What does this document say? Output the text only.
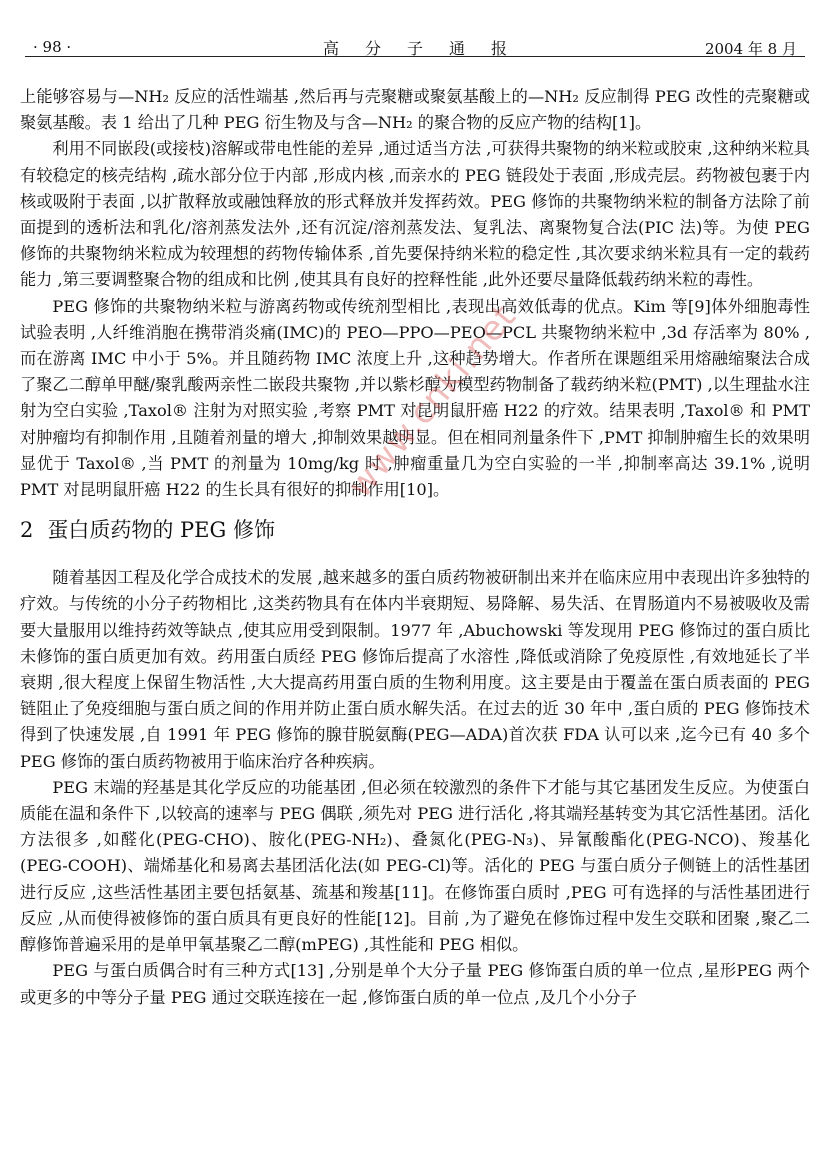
· 98 ·	高分子通报	2004 年 8 月

上能够容易与—NH₂ 反应的活性端基 ,然后再与壳聚糖或聚氨基酸上的—NH₂ 反应制得 PEG 改性的壳聚糖或聚氨基酸。表 1 给出了几种 PEG 衍生物及与含—NH₂ 的聚合物的反应产物的结构[1]。

利用不同嵌段(或接枝)溶解或带电性能的差异 ,通过适当方法 ,可获得共聚物的纳米粒或胶束 ,这种纳米粒具有较稳定的核壳结构 ,疏水部分位于内部 ,形成内核 ,而亲水的 PEG 链段处于表面 ,形成壳层。药物被包裹于内核或吸附于表面 ,以扩散释放或融蚀释放的形式释放并发挥药效。PEG 修饰的共聚物纳米粒的制备方法除了前面提到的透析法和乳化/溶剂蒸发法外 ,还有沉淀/溶剂蒸发法、复乳法、离聚物复合法(PIC 法)等。为使 PEG 修饰的共聚物纳米粒成为较理想的药物传输体系 ,首先要保持纳米粒的稳定性 ,其次要求纳米粒具有一定的载药能力 ,第三要调整聚合物的组成和比例 ,使其具有良好的控释性能 ,此外还要尽量降低载药纳米粒的毒性。

PEG 修饰的共聚物纳米粒与游离药物或传统剂型相比 ,表现出高效低毒的优点。Kim 等[9]体外细胞毒性试验表明 ,人纤维消胞在携带消炎痛(IMC)的 PEO—PPO—PEO—PCL 共聚物纳米粒中 ,3d 存活率为 80% ,而在游离 IMC 中小于 5%。并且随药物 IMC 浓度上升 ,这种趋势增大。作者所在课题组采用熔融缩聚法合成了聚乙二醇单甲醚/聚乳酸两亲性二嵌段共聚物 ,并以紫杉醇为模型药物制备了载药纳米粒(PMT) ,以生理盐水注射为空白实验 ,Taxol® 注射为对照实验 ,考察 PMT 对昆明鼠肝癌 H22 的疗效。结果表明 ,Taxol® 和 PMT 对肿瘤均有抑制作用 ,且随着剂量的增大 ,抑制效果越明显。但在相同剂量条件下 ,PMT 抑制肿瘤生长的效果明显优于 Taxol® ,当 PMT 的剂量为 10mg/kg 时 ,肿瘤重量几为空白实验的一半 ,抑制率高达 39.1% ,说明 PMT 对昆明鼠肝癌 H22 的生长具有很好的抑制作用[10]。

2 蛋白质药物的 PEG 修饰

随着基因工程及化学合成技术的发展 ,越来越多的蛋白质药物被研制出来并在临床应用中表现出许多独特的疗效。与传统的小分子药物相比 ,这类药物具有在体内半衰期短、易降解、易失活、在胃肠道内不易被吸收及需要大量服用以维持药效等缺点 ,使其应用受到限制。1977 年 ,Abuchowski 等发现用 PEG 修饰过的蛋白质比未修饰的蛋白质更加有效。药用蛋白质经 PEG 修饰后提高了水溶性 ,降低或消除了免疫原性 ,有效地延长了半衰期 ,很大程度上保留生物活性 ,大大提高药用蛋白质的生物利用度。这主要是由于覆盖在蛋白质表面的 PEG 链阻止了免疫细胞与蛋白质之间的作用并防止蛋白质水解失活。在过去的近 30 年中 ,蛋白质的 PEG 修饰技术得到了快速发展 ,自 1991 年 PEG 修饰的腺苷脱氨酶(PEG—ADA)首次获 FDA 认可以来 ,迄今已有 40 多个 PEG 修饰的蛋白质药物被用于临床治疗各种疾病。

PEG 末端的羟基是其化学反应的功能基团 ,但必须在较激烈的条件下才能与其它基团发生反应。为使蛋白质能在温和条件下 ,以较高的速率与 PEG 偶联 ,须先对 PEG 进行活化 ,将其端羟基转变为其它活性基团。活化方法很多 ,如醛化(PEG-CHO)、胺化(PEG-NH₂)、叠氮化(PEG-N₃)、异氰酸酯化(PEG-NCO)、羧基化(PEG-COOH)、端烯基化和易离去基团活化法(如 PEG-Cl)等。活化的 PEG 与蛋白质分子侧链上的活性基团进行反应 ,这些活性基团主要包括氨基、巯基和羧基[11]。在修饰蛋白质时 ,PEG 可有选择的与活性基团进行反应 ,从而使得被修饰的蛋白质具有更良好的性能[12]。目前 ,为了避免在修饰过程中发生交联和团聚 ,聚乙二醇修饰普遍采用的是单甲氧基聚乙二醇(mPEG) ,其性能和 PEG 相似。

PEG 与蛋白质偶合时有三种方式[13] ,分别是单个大分子量 PEG 修饰蛋白质的单一位点 ,星形PEG 两个或更多的中等分子量 PEG 通过交联连接在一起 ,修饰蛋白质的单一位点 ,及几个小分子

www.cnki.net
